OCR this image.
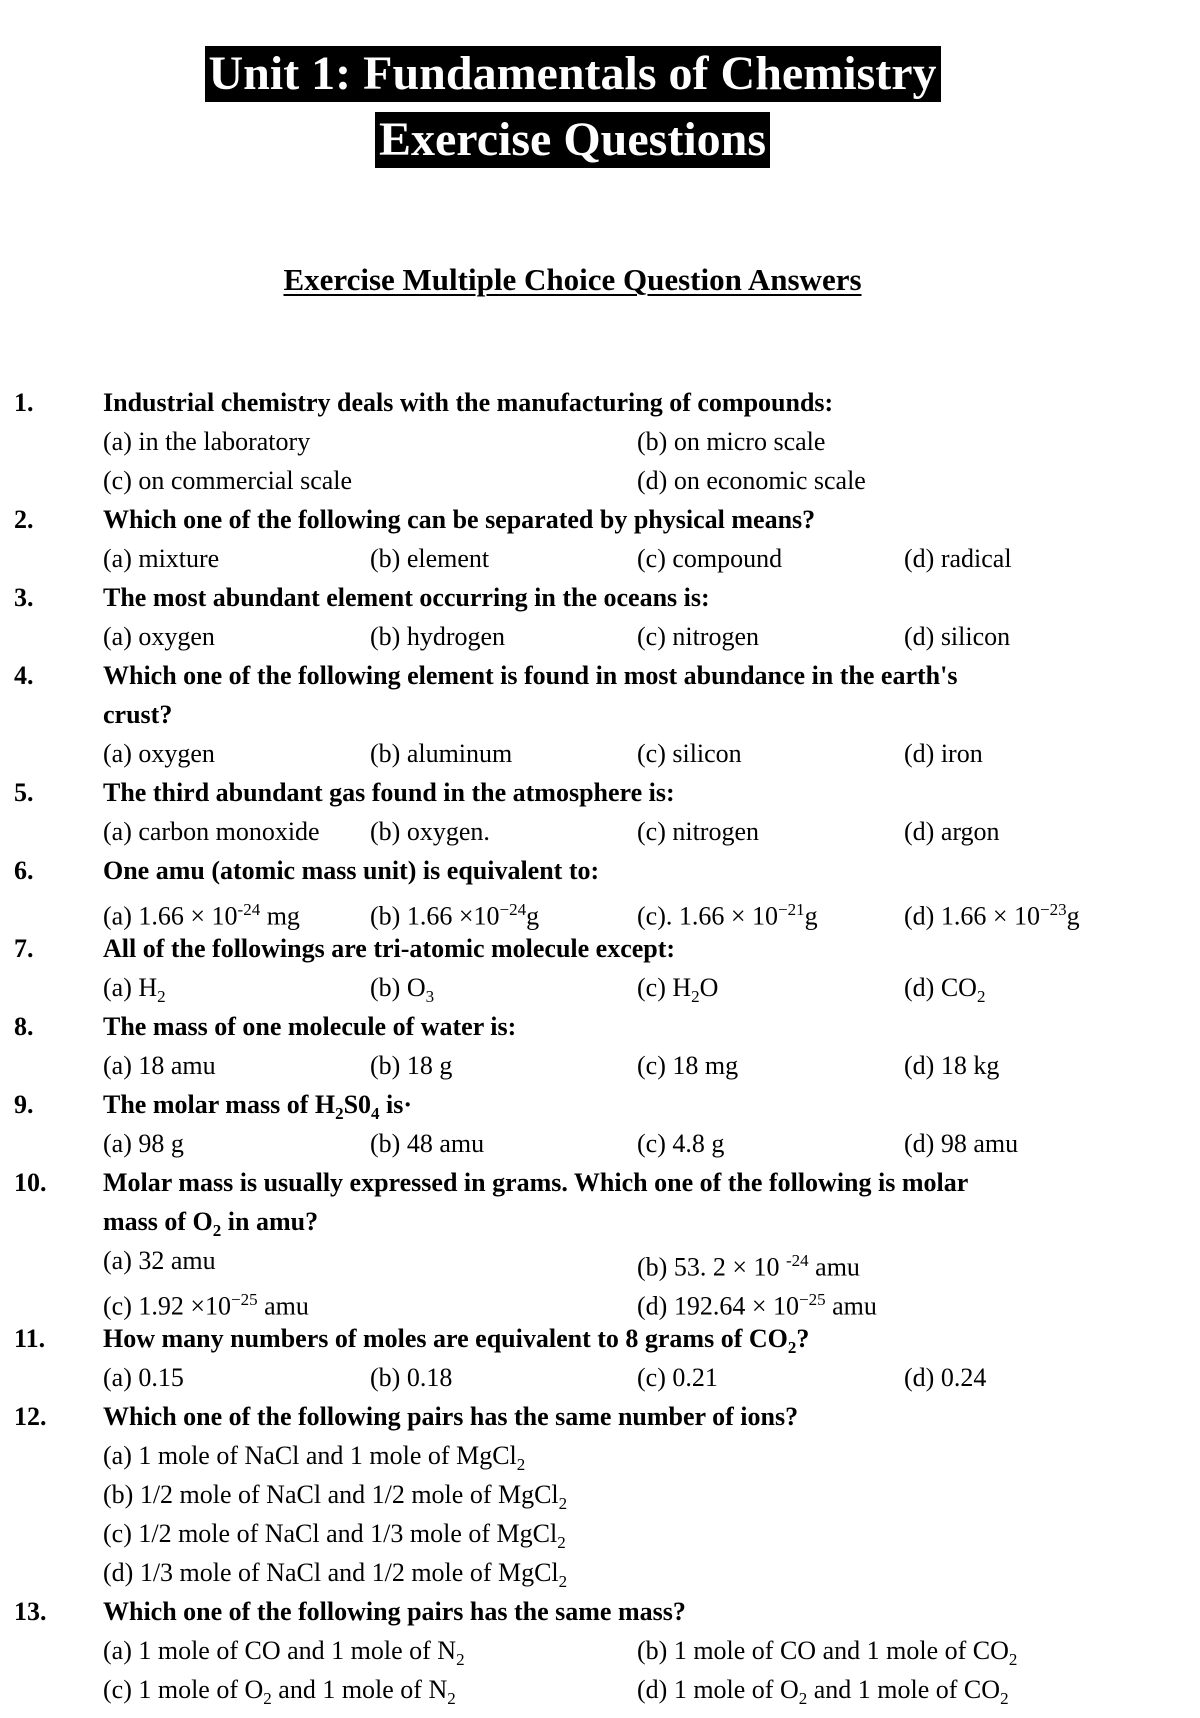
Unit 1: Fundamentals of Chemistry
Exercise Questions
Exercise Multiple Choice Question Answers
1.	Industrial chemistry deals with the manufacturing of compounds:
(a) in the laboratory	(b) on micro scale
(c) on commercial scale	(d) on economic scale
2.	Which one of the following can be separated by physical means?
(a) mixture	(b) element	(c) compound	(d) radical
3.	The most abundant element occurring in the oceans is:
(a) oxygen	(b) hydrogen	(c) nitrogen	(d) silicon
4.	Which one of the following element is found in most abundance in the earth's
crust?
(a) oxygen	(b) aluminum	(c) silicon	(d) iron
5.	The third abundant gas found in the atmosphere is:
(a) carbon monoxide (b) oxygen.	(c) nitrogen	(d) argon
6.	One amu (atomic mass unit) is equivalent to:
(a) $1.66 \times 10^{-24}$ mg	(b) $1.66 \times 10^{-24}g$	(c). $1.66 \times 10^{-21}g$	(d) $1.66 \times 10^{-23}g$
7.	All of the followings are tri-atomic molecule except:
(a) $H_2$	(b) $O_3$	(c) $H_2O$	(d) $CO_2$
8.	The mass of one molecule of water is:
(a) 18 amu	(b) 18 g	(c) 18 mg	(d) 18 kg
9.	The molar mass of $H_2S0_4$ is·
(a) 98 g	(b) 48 amu	(c) 4.8 g	(d) 98 amu
10. Molar mass is usually expressed in grams. Which one of the following is molar
mass of $O_2$ in amu?
(a) 32 amu	(b) 53. 2 × 10 $^{-24}$ amu
(c) $1.92 \times 10^{-25}$ amu	(d) $192.64 \times 10^{-25}$ amu
11. How many numbers of moles are equivalent to 8 grams of $CO_2$?
(a) 0.15	(b) 0.18	(c) 0.21	(d) 0.24
12. Which one of the following pairs has the same number of ions?
(a) 1 mole of NaCl and 1 mole of MgCl$_2$
(b) 1/2 mole of NaCl and 1/2 mole of MgCl$_2$
(c) 1/2 mole of NaCl and 1/3 mole of MgCl$_2$
(d) 1/3 mole of NaCl and 1/2 mole of MgCl$_2$
13. Which one of the following pairs has the same mass?
(a) 1 mole of CO and 1 mole of $N_2$	(b) 1 mole of CO and 1 mole of $CO_2$
(c) 1 mole of $O_2$ and 1 mole of $N_2$	(d) 1 mole of $O_2$ and 1 mole of $CO_2$
